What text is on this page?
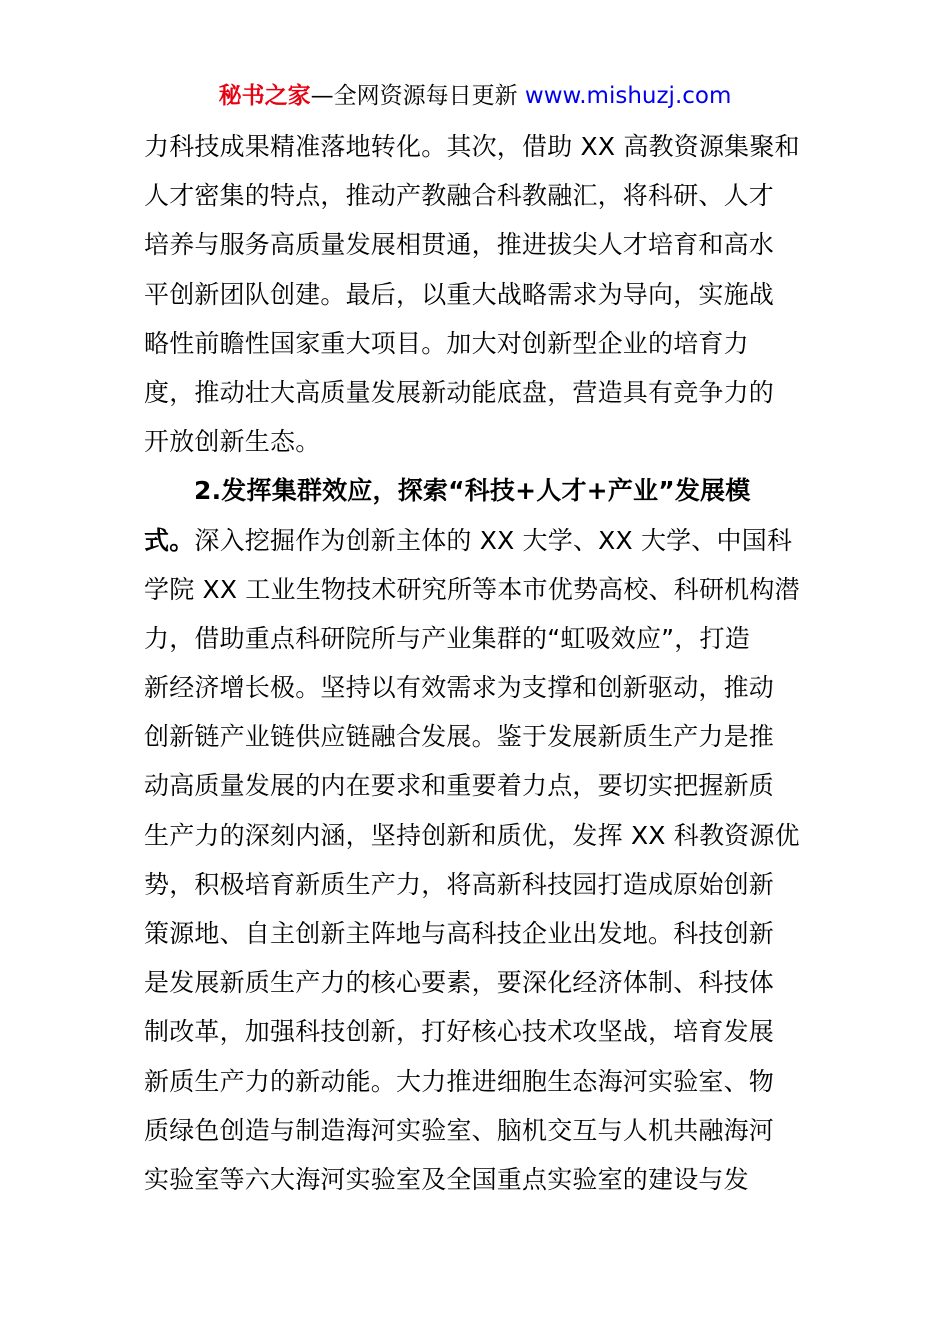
秘书之家—全网资源每日更新 www.mishuzj.com
力科技成果精准落地转化。其次，借助 XX 高教资源集聚和
人才密集的特点，推动产教融合科教融汇，将科研、人才
培养与服务高质量发展相贯通，推进拔尖人才培育和高水
平创新团队创建。最后，以重大战略需求为导向，实施战
略性前瞻性国家重大项目。加大对创新型企业的培育力
度，推动壮大高质量发展新动能底盘，营造具有竞争力的
开放创新生态。
2.发挥集群效应，探索“科技+人才+产业”发展模
式。深入挖掘作为创新主体的 XX 大学、XX 大学、中国科
学院 XX 工业生物技术研究所等本市优势高校、科研机构潜
力，借助重点科研院所与产业集群的“虹吸效应”，打造
新经济增长极。坚持以有效需求为支撑和创新驱动，推动
创新链产业链供应链融合发展。鉴于发展新质生产力是推
动高质量发展的内在要求和重要着力点，要切实把握新质
生产力的深刻内涵，坚持创新和质优，发挥 XX 科教资源优
势，积极培育新质生产力，将高新科技园打造成原始创新
策源地、自主创新主阵地与高科技企业出发地。科技创新
是发展新质生产力的核心要素，要深化经济体制、科技体
制改革，加强科技创新，打好核心技术攻坚战，培育发展
新质生产力的新动能。大力推进细胞生态海河实验室、物
质绿色创造与制造海河实验室、脑机交互与人机共融海河
实验室等六大海河实验室及全国重点实验室的建设与发
